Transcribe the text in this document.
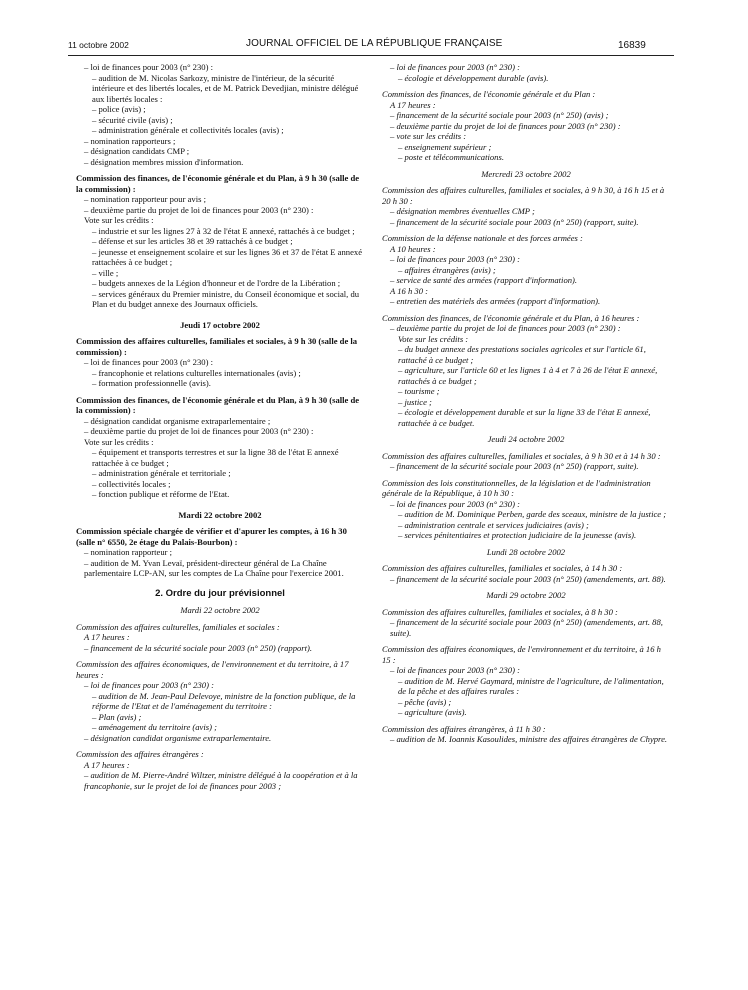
11 octobre 2002	JOURNAL OFFICIEL DE LA RÉPUBLIQUE FRANÇAISE	16839

– loi de finances pour 2003 (n° 230) :

– audition de M. Nicolas Sarkozy, ministre de l'intérieur, de la sécurité intérieure et des libertés locales, et de M. Patrick Devedjian, ministre délégué aux libertés locales :

– police (avis) ;

– sécurité civile (avis) ;

– administration générale et collectivités locales (avis) ;

– nomination rapporteurs ;

– désignation candidats CMP ;

– désignation membres mission d'information.

Commission des finances, de l'économie générale et du Plan, à 9 h 30 (salle de la commission) :

– nomination rapporteur pour avis ;

– deuxième partie du projet de loi de finances pour 2003 (n° 230) :

Vote sur les crédits :

– industrie et sur les lignes 27 à 32 de l'état E annexé, rattachés à ce budget ;

– défense et sur les articles 38 et 39 rattachés à ce budget ;

– jeunesse et enseignement scolaire et sur les lignes 36 et 37 de l'état E annexé rattachées à ce budget ;

– ville ;

– budgets annexes de la Légion d'honneur et de l'ordre de la Libération ;

– services généraux du Premier ministre, du Conseil économique et social, du Plan et du budget annexe des Journaux officiels.

Jeudi 17 octobre 2002

Commission des affaires culturelles, familiales et sociales, à 9 h 30 (salle de la commission) :

– loi de finances pour 2003 (n° 230) :

– francophonie et relations culturelles internationales (avis) ;

– formation professionnelle (avis).

Commission des finances, de l'économie générale et du Plan, à 9 h 30 (salle de la commission) :

– désignation candidat organisme extraparlementaire ;

– deuxième partie du projet de loi de finances pour 2003 (n° 230) :

Vote sur les crédits :

– équipement et transports terrestres et sur la ligne 38 de l'état E annexé rattachée à ce budget ;

– administration générale et territoriale ;

– collectivités locales ;

– fonction publique et réforme de l'Etat.

Mardi 22 octobre 2002

Commission spéciale chargée de vérifier et d'apurer les comptes, à 16 h 30 (salle n° 6550, 2e étage du Palais-Bourbon) :

– nomination rapporteur ;

– audition de M. Yvan Levaï, président-directeur général de La Chaîne parlementaire LCP-AN, sur les comptes de La Chaîne pour l'exercice 2001.

2. Ordre du jour prévisionnel

Mardi 22 octobre 2002

Commission des affaires culturelles, familiales et sociales :

A 17 heures :

– financement de la sécurité sociale pour 2003 (n° 250) (rapport).

Commission des affaires économiques, de l'environnement et du territoire, à 17 heures :

– loi de finances pour 2003 (n° 230) :

– audition de M. Jean-Paul Delevoye, ministre de la fonction publique, de la réforme de l'Etat et de l'aménagement du territoire :

– Plan (avis) ;

– aménagement du territoire (avis) ;

– désignation candidat organisme extraparlementaire.

Commission des affaires étrangères :

A 17 heures :

– audition de M. Pierre-André Wiltzer, ministre délégué à la coopération et à la francophonie, sur le projet de loi de finances pour 2003 ;

– loi de finances pour 2003 (n° 230) :

– écologie et développement durable (avis).

Commission des finances, de l'économie générale et du Plan :

A 17 heures :

– financement de la sécurité sociale pour 2003 (n° 250) (avis) ;

– deuxième partie du projet de loi de finances pour 2003 (n° 230) :

– vote sur les crédits :

– enseignement supérieur ;

– poste et télécommunications.

Mercredi 23 octobre 2002

Commission des affaires culturelles, familiales et sociales, à 9 h 30, à 16 h 15 et à 20 h 30 :

– désignation membres éventuelles CMP ;

– financement de la sécurité sociale pour 2003 (n° 250) (rapport, suite).

Commission de la défense nationale et des forces armées :

A 10 heures :

– loi de finances pour 2003 (n° 230) :

– affaires étrangères (avis) ;

– service de santé des armées (rapport d'information).

A 16 h 30 :

– entretien des matériels des armées (rapport d'information).

Commission des finances, de l'économie générale et du Plan, à 16 heures :

– deuxième partie du projet de loi de finances pour 2003 (n° 230) :

Vote sur les crédits :

– du budget annexe des prestations sociales agricoles et sur l'article 61, rattaché à ce budget ;

– agriculture, sur l'article 60 et les lignes 1 à 4 et 7 à 26 de l'état E annexé, rattachés à ce budget ;

– tourisme ;

– justice ;

– écologie et développement durable et sur la ligne 33 de l'état E annexé, rattachée à ce budget.

Jeudi 24 octobre 2002

Commission des affaires culturelles, familiales et sociales, à 9 h 30 et à 14 h 30 :

– financement de la sécurité sociale pour 2003 (n° 250) (rapport, suite).

Commission des lois constitutionnelles, de la législation et de l'administration générale de la République, à 10 h 30 :

– loi de finances pour 2003 (n° 230) :

– audition de M. Dominique Perben, garde des sceaux, ministre de la justice ;

– administration centrale et services judiciaires (avis) ;

– services pénitentiaires et protection judiciaire de la jeunesse (avis).

Lundi 28 octobre 2002

Commission des affaires culturelles, familiales et sociales, à 14 h 30 :

– financement de la sécurité sociale pour 2003 (n° 250) (amendements, art. 88).

Mardi 29 octobre 2002

Commission des affaires culturelles, familiales et sociales, à 8 h 30 :

– financement de la sécurité sociale pour 2003 (n° 250) (amendements, art. 88, suite).

Commission des affaires économiques, de l'environnement et du territoire, à 16 h 15 :

– loi de finances pour 2003 (n° 230) :

– audition de M. Hervé Gaymard, ministre de l'agriculture, de l'alimentation, de la pêche et des affaires rurales :

– pêche (avis) ;

– agriculture (avis).

Commission des affaires étrangères, à 11 h 30 :

– audition de M. Ioannis Kasoulides, ministre des affaires étrangères de Chypre.
